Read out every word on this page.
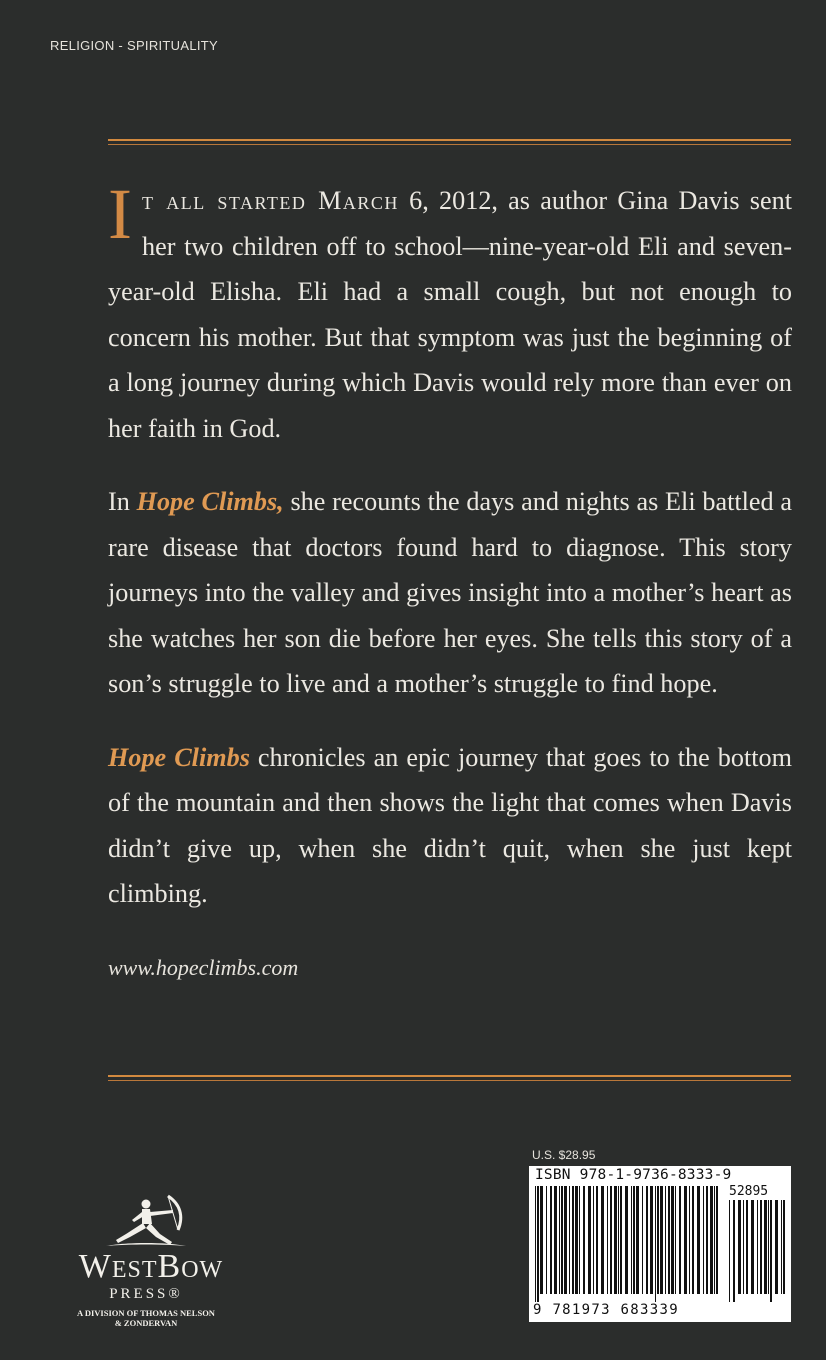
RELIGION - SPIRITUALITY

It all started March 6, 2012, as author Gina Davis sent her two children off to school—nine-year-old Eli and seven-year-old Elisha. Eli had a small cough, but not enough to concern his mother. But that symptom was just the beginning of a long journey during which Davis would rely more than ever on her faith in God.

In Hope Climbs, she recounts the days and nights as Eli battled a rare disease that doctors found hard to diagnose. This story journeys into the valley and gives insight into a mother’s heart as she watches her son die before her eyes. She tells this story of a son’s struggle to live and a mother’s struggle to find hope.

Hope Climbs chronicles an epic journey that goes to the bottom of the mountain and then shows the light that comes when Davis didn’t give up, when she didn’t quit, when she just kept climbing.

www.hopeclimbs.com
WestBow
PRESS®
A DIVISION OF THOMAS NELSON
& ZONDERVAN
U.S. $28.95
ISBN 978-1-9736-8333-9
52895
9 781973 683339
